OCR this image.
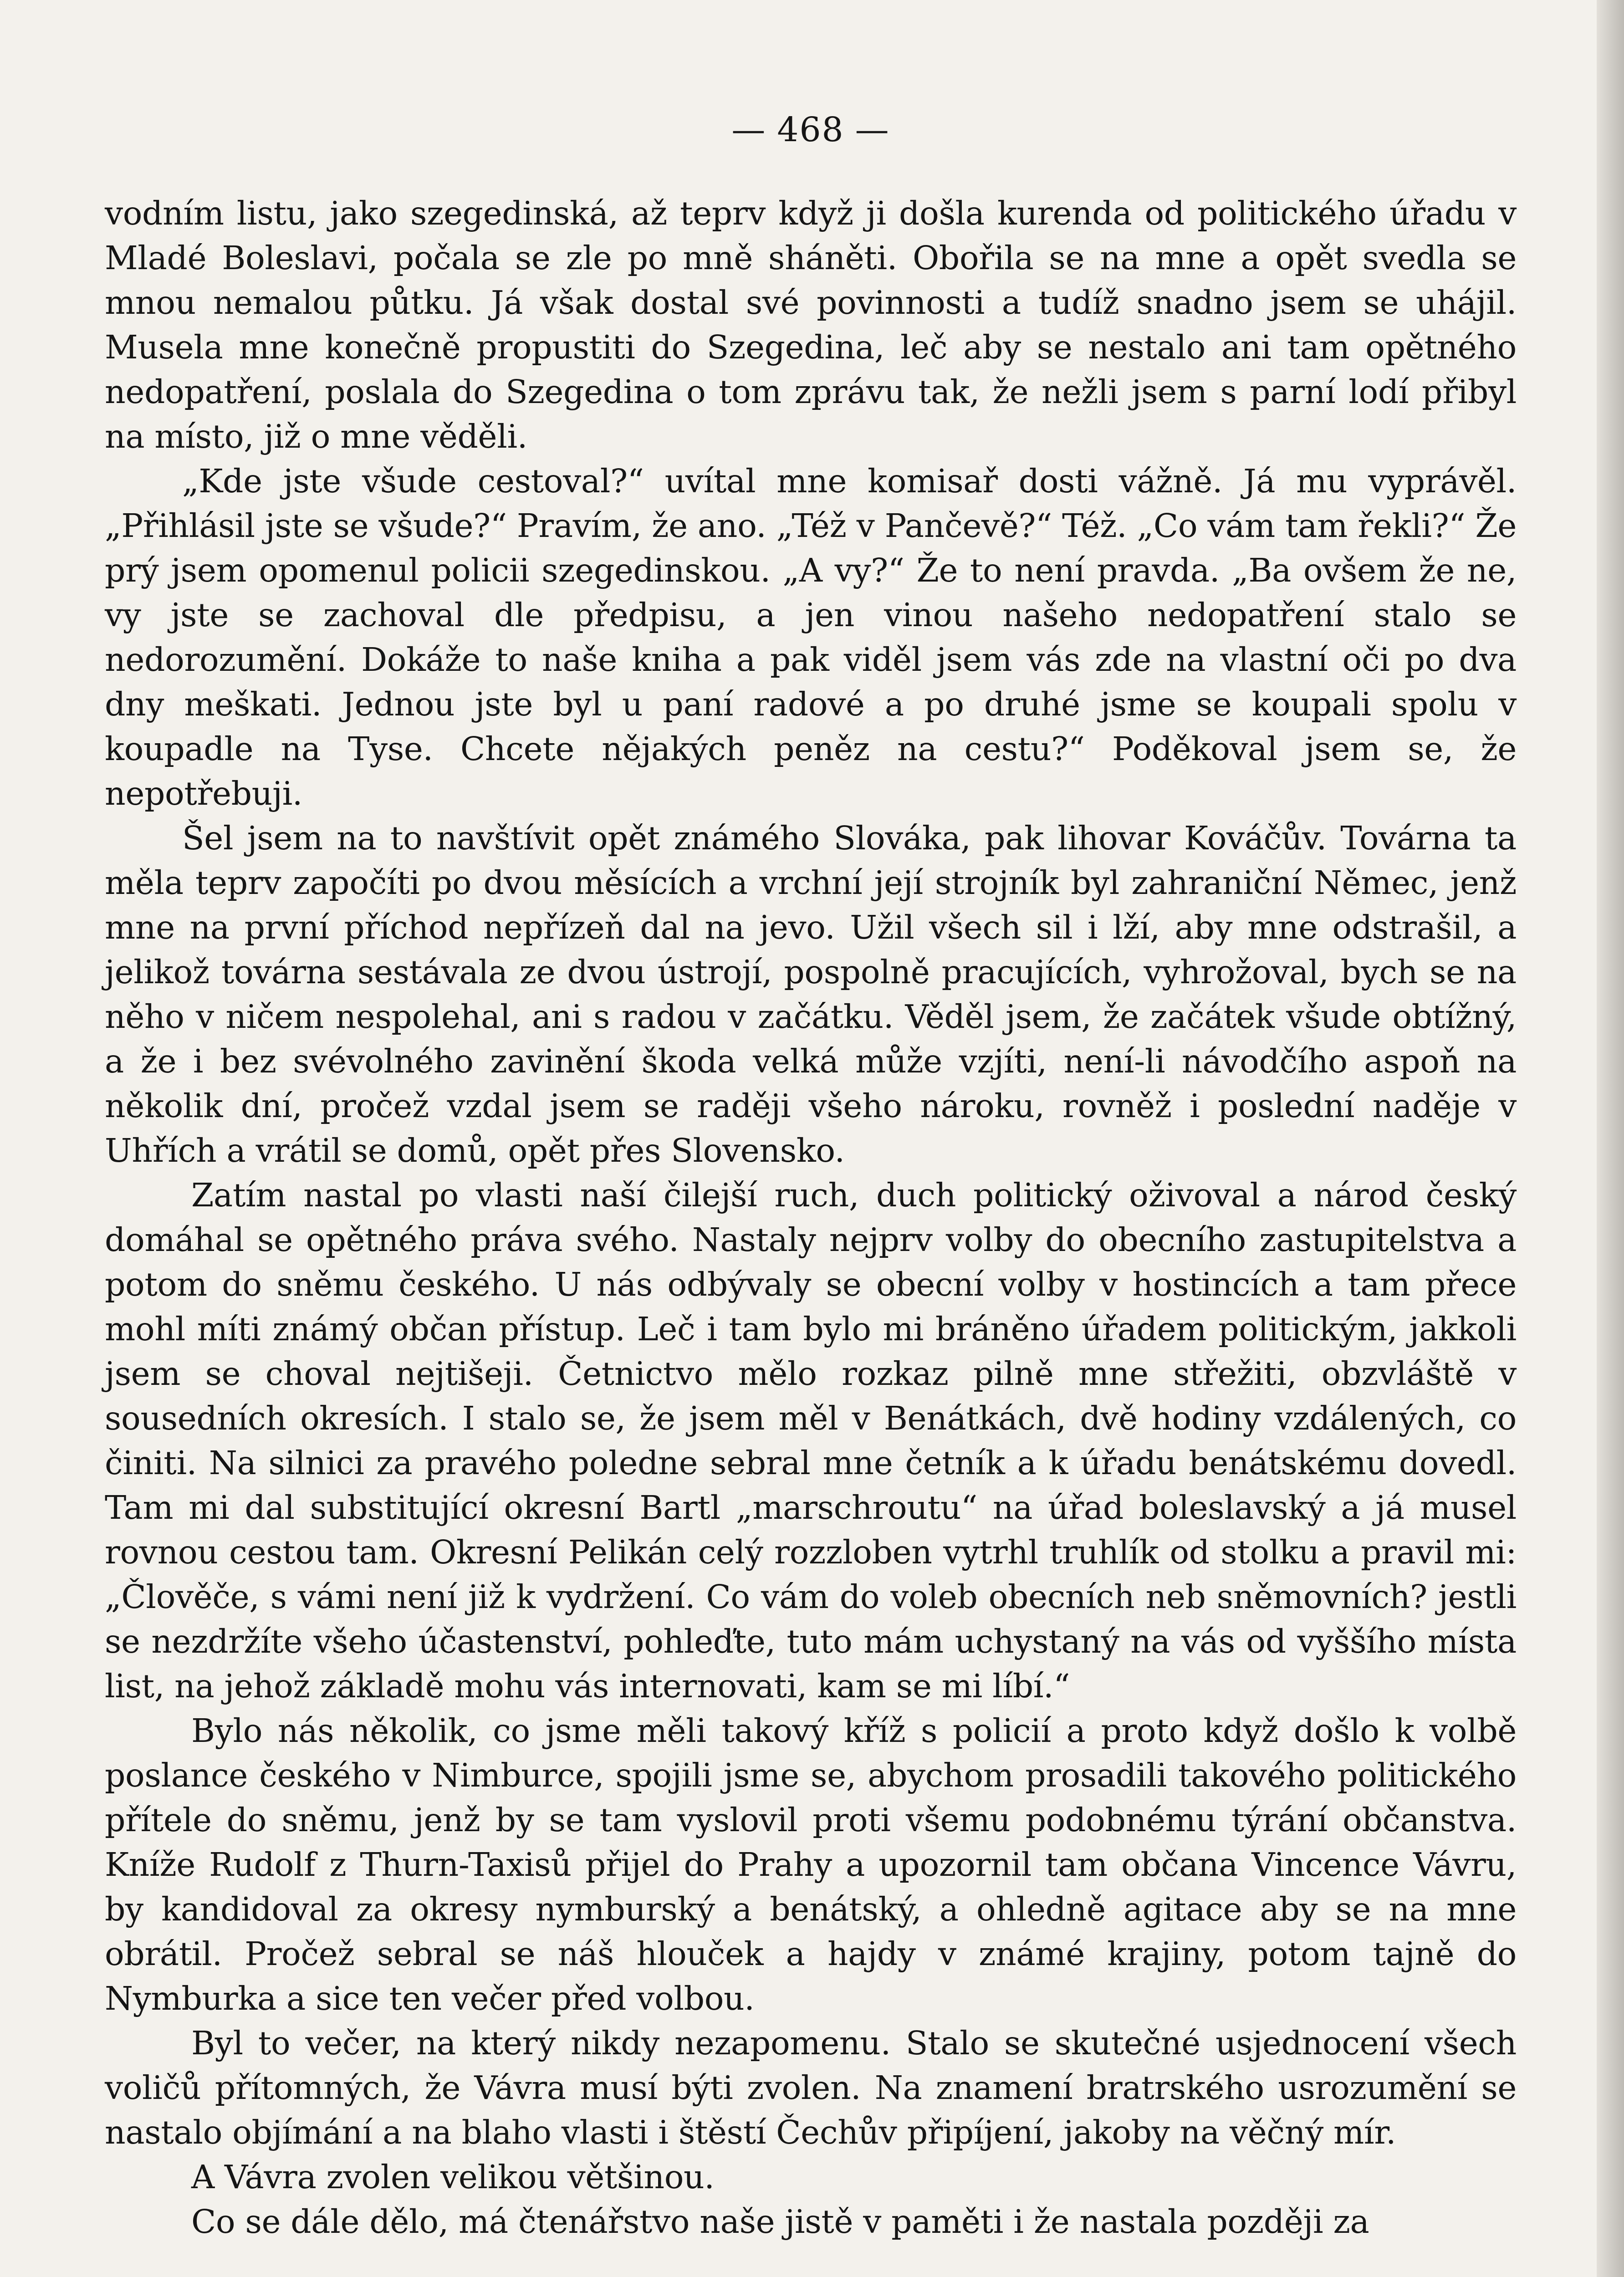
— 468 —

vodním listu, jako szegedinská, až teprv když ji došla kurenda od politického úřadu v Mladé Boleslavi, počala se zle po mně sháněti. Obořila se na mne a opět svedla se mnou nemalou půtku. Já však dostal své povinnosti a tudíž snadno jsem se uhájil. Musela mne konečně propustiti do Szegedina, leč aby se nestalo ani tam opětného nedopatření, poslala do Szegedina o tom zprávu tak, že nežli jsem s parní lodí přibyl na místo, již o mne věděli.

„Kde jste všude cestoval?“ uvítal mne komisař dosti vážně. Já mu vyprávěl. „Přihlásil jste se všude?“ Pravím, že ano. „Též v Pančevě?“ Též. „Co vám tam řekli?“ Že prý jsem opomenul policii szegedinskou. „A vy?“ Že to není pravda. „Ba ovšem že ne, vy jste se zachoval dle předpisu, a jen vinou našeho nedopatření stalo se nedorozumění. Dokáže to naše kniha a pak viděl jsem vás zde na vlastní oči po dva dny meškati. Jednou jste byl u paní radové a po druhé jsme se koupali spolu v koupadle na Tyse. Chcete nějakých peněz na cestu?“ Poděkoval jsem se, že nepotřebuji.

Šel jsem na to navštívit opět známého Slováka, pak lihovar Kováčův. Továrna ta měla teprv započíti po dvou měsících a vrchní její strojník byl zahraniční Němec, jenž mne na první příchod nepřízeň dal na jevo. Užil všech sil i lží, aby mne odstrašil, a jelikož továrna sestávala ze dvou ústrojí, pospolně pracujících, vyhrožoval, bych se na něho v ničem nespolehal, ani s radou v začátku. Věděl jsem, že začátek všude obtížný, a že i bez svévolného zavinění škoda velká může vzjíti, není-li návodčího aspoň na několik dní, pročež vzdal jsem se raději všeho nároku, rovněž i poslední naděje v Uhřích a vrátil se domů, opět přes Slovensko.

Zatím nastal po vlasti naší čilejší ruch, duch politický oživoval a národ český domáhal se opětného práva svého. Nastaly nejprv volby do obecního zastupitelstva a potom do sněmu českého. U nás odbývaly se obecní volby v hostincích a tam přece mohl míti známý občan přístup. Leč i tam bylo mi bráněno úřadem politickým, jakkoli jsem se choval nejtišeji. Četnictvo mělo rozkaz pilně mne střežiti, obzvláště v sousedních okresích. I stalo se, že jsem měl v Benátkách, dvě hodiny vzdálených, co činiti. Na silnici za pravého poledne sebral mne četník a k úřadu benátskému dovedl. Tam mi dal substitující okresní Bartl „marschroutu“ na úřad boleslavský a já musel rovnou cestou tam. Okresní Pelikán celý rozzloben vytrhl truhlík od stolku a pravil mi: „Člověče, s vámi není již k vydržení. Co vám do voleb obecních neb sněmovních? jestli se nezdržíte všeho účastenství, pohleďte, tuto mám uchystaný na vás od vyššího místa list, na jehož základě mohu vás internovati, kam se mi líbí.“

Bylo nás několik, co jsme měli takový kříž s policií a proto když došlo k volbě poslance českého v Nimburce, spojili jsme se, abychom prosadili takového politického přítele do sněmu, jenž by se tam vyslovil proti všemu podobnému týrání občanstva. Kníže Rudolf z Thurn-Taxisů přijel do Prahy a upozornil tam občana Vincence Vávru, by kandidoval za okresy nymburský a benátský, a ohledně agitace aby se na mne obrátil. Pročež sebral se náš hlouček a hajdy v známé krajiny, potom tajně do Nymburka a sice ten večer před volbou.

Byl to večer, na který nikdy nezapomenu. Stalo se skutečné usjednocení všech voličů přítomných, že Vávra musí býti zvolen. Na znamení bratrského usrozumění se nastalo objímání a na blaho vlasti i štěstí Čechův připíjení, jakoby na věčný mír.

A Vávra zvolen velikou většinou.

Co se dále dělo, má čtenářstvo naše jistě v paměti i že nastala později za
